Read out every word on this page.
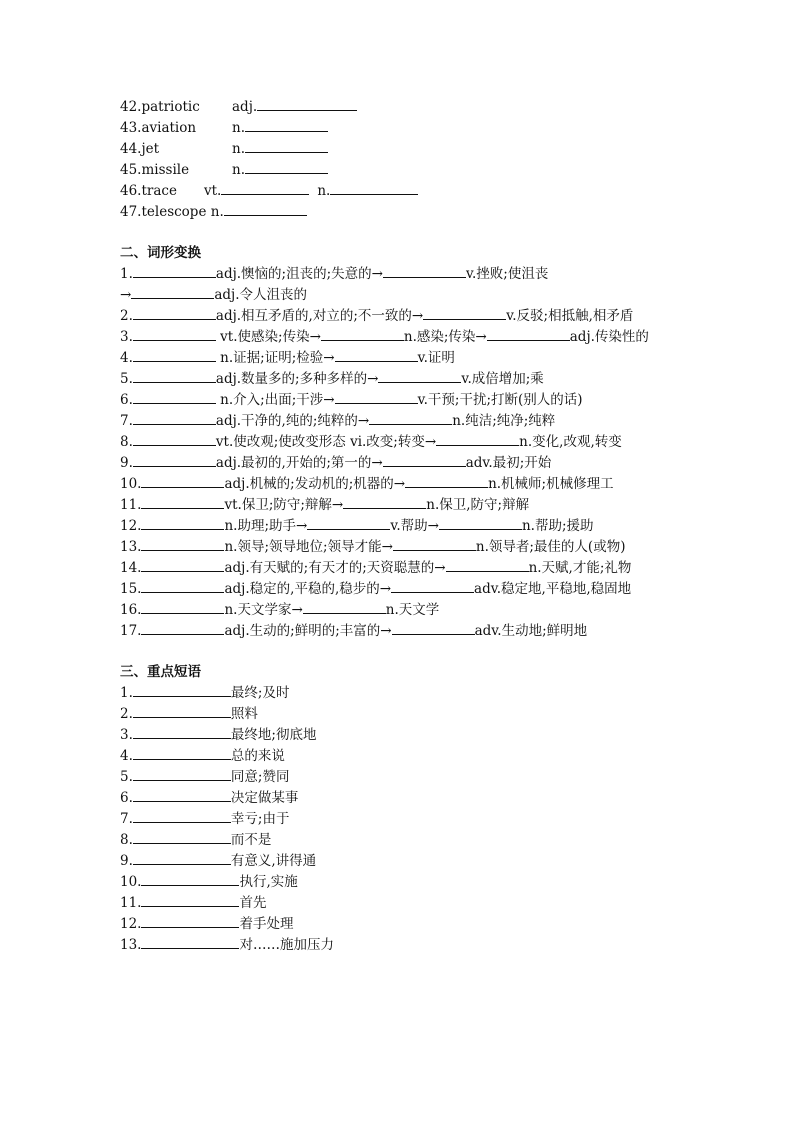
42.patriotic adj.
43.aviation	n.
44.jet	n.
45.missile	n.
46.trace vt.	n.
47.telescope n.
二、词形变换
1.	adj.懊恼的;沮丧的;失意的→	v.挫败;使沮丧
→	adj.令人沮丧的
2.	adj.相互矛盾的,对立的;不一致的→	v.反驳;相抵触,相矛盾
3.	vt.使感染;传染→	n.感染;传染→	adj.传染性的
4.	n.证据;证明;检验→	v.证明
5.	adj.数量多的;多种多样的→	v.成倍增加;乘
6.	n.介入;出面;干涉→	v.干预;干扰;打断(别人的话)
7.	adj.干净的,纯的;纯粹的→	n.纯洁;纯净;纯粹
8.	vt.使改观;使改变形态 vi.改变;转变→	n.变化,改观,转变
9.	adj.最初的,开始的;第一的→	adv.最初;开始
10.	adj.机械的;发动机的;机器的→	n.机械师;机械修理工
11.	vt.保卫;防守;辩解→	n.保卫,防守;辩解
12.	n.助理;助手→	v.帮助→	n.帮助;援助
13.	n.领导;领导地位;领导才能→	n.领导者;最佳的人(或物)
14.	adj.有天赋的;有天才的;天资聪慧的→	n.天赋,才能;礼物
15.	adj.稳定的,平稳的,稳步的→	adv.稳定地,平稳地,稳固地
16.	n.天文学家→	n.天文学
17.	adj.生动的;鲜明的;丰富的→	adv.生动地;鲜明地
三、重点短语
1.	最终;及时
2.	照料
3.	最终地;彻底地
4.	总的来说
5.	同意;赞同
6.	决定做某事
7.	幸亏;由于
8.	而不是
9.	有意义,讲得通
10.	执行,实施
11.	首先
12.	着手处理
13.	对……施加压力
